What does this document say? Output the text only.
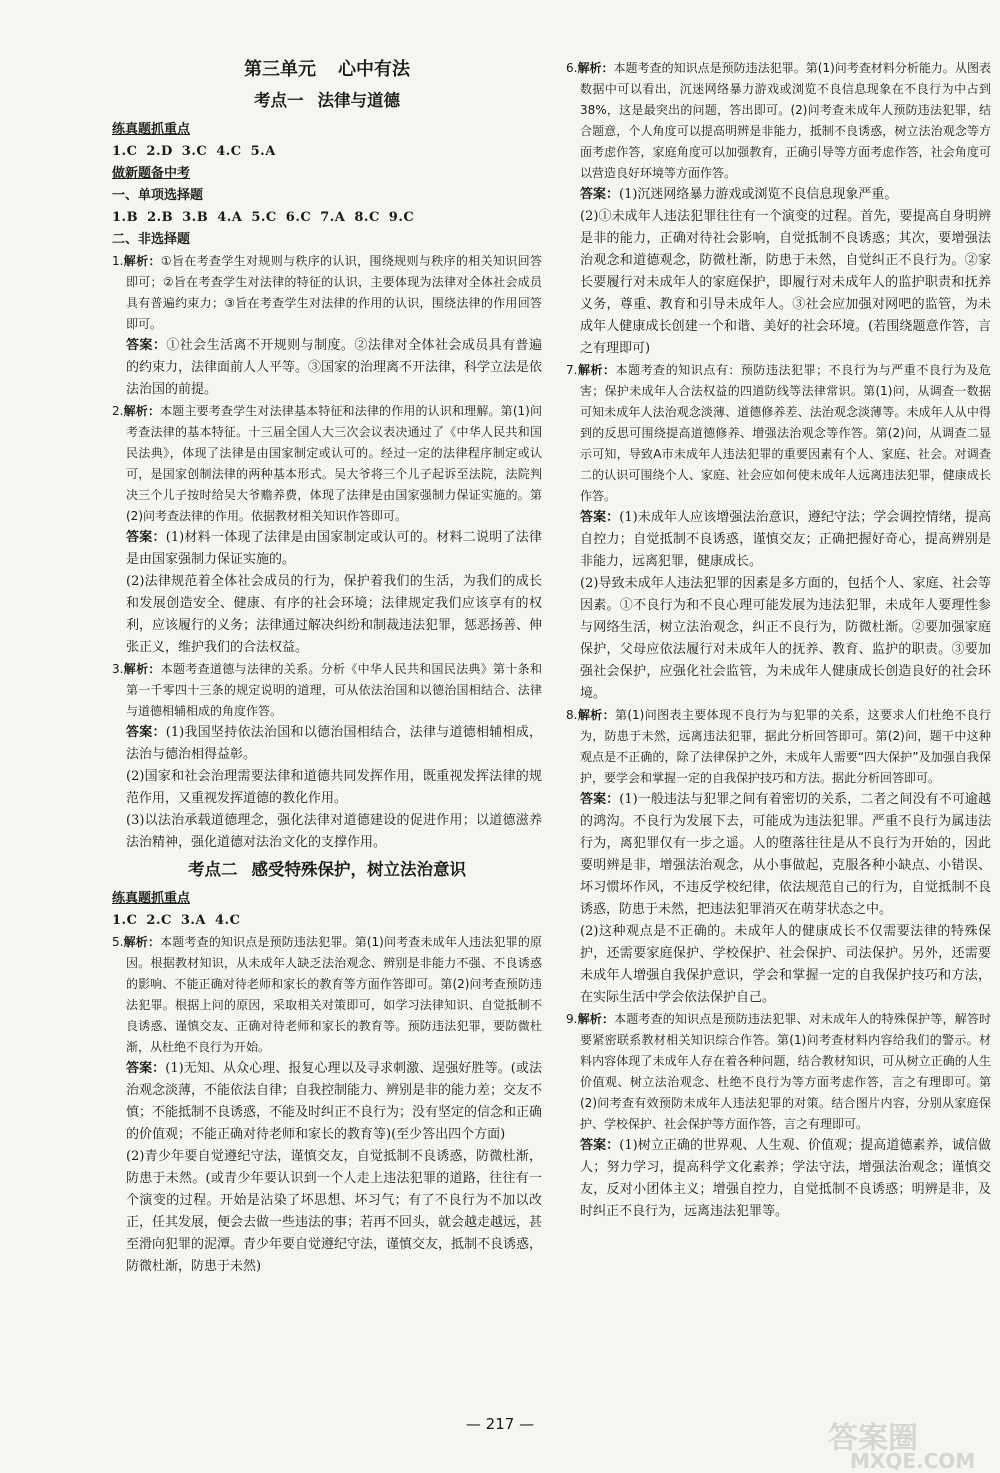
第三单元 心中有法
考点一 法律与道德
练真题抓重点
1.C 2.D 3.C 4.C 5.A
做新题备中考
一、单项选择题
1.B 2.B 3.B 4.A 5.C 6.C 7.A 8.C 9.C
二、非选择题

1.解析：①旨在考查学生对规则与秩序的认识，围绕规则与秩序的相关知识回答即可；②旨在考查学生对法律的特征的认识，主要体现为法律对全体社会成员具有普遍约束力；③旨在考查学生对法律的作用的认识，围绕法律的作用回答即可。

答案：①社会生活离不开规则与制度。②法律对全体社会成员具有普遍的约束力，法律面前人人平等。③国家的治理离不开法律，科学立法是依法治国的前提。

2.解析：本题主要考查学生对法律基本特征和法律的作用的认识和理解。第(1)问考查法律的基本特征。十三届全国人大三次会议表决通过了《中华人民共和国民法典》，体现了法律是由国家制定或认可的。经过一定的法律程序制定或认可，是国家创制法律的两种基本形式。吴大爷将三个儿子起诉至法院，法院判决三个儿子按时给吴大爷赡养费，体现了法律是由国家强制力保证实施的。第(2)问考查法律的作用。依据教材相关知识作答即可。

答案：(1)材料一体现了法律是由国家制定或认可的。材料二说明了法律是由国家强制力保证实施的。

(2)法律规范着全体社会成员的行为，保护着我们的生活，为我们的成长和发展创造安全、健康、有序的社会环境；法律规定我们应该享有的权利，应该履行的义务；法律通过解决纠纷和制裁违法犯罪，惩恶扬善、伸张正义，维护我们的合法权益。

3.解析：本题考查道德与法律的关系。分析《中华人民共和国民法典》第十条和第一千零四十三条的规定说明的道理，可从依法治国和以德治国相结合、法律与道德相辅相成的角度作答。

答案：(1)我国坚持依法治国和以德治国相结合，法律与道德相辅相成，法治与德治相得益彰。

(2)国家和社会治理需要法律和道德共同发挥作用，既重视发挥法律的规范作用，又重视发挥道德的教化作用。

(3)以法治承载道德理念，强化法律对道德建设的促进作用；以道德滋养法治精神，强化道德对法治文化的支撑作用。

考点二 感受特殊保护，树立法治意识
练真题抓重点
1.C 2.C 3.A 4.C

5.解析：本题考查的知识点是预防违法犯罪。第(1)问考查未成年人违法犯罪的原因。根据教材知识，从未成年人缺乏法治观念、辨别是非能力不强、不良诱惑的影响、不能正确对待老师和家长的教育等方面作答即可。第(2)问考查预防违法犯罪。根据上问的原因，采取相关对策即可，如学习法律知识、自觉抵制不良诱惑、谨慎交友、正确对待老师和家长的教育等。预防违法犯罪，要防微杜渐，从杜绝不良行为开始。

答案：(1)无知、从众心理、报复心理以及寻求刺激、逞强好胜等。(或法治观念淡薄，不能依法自律；自我控制能力、辨别是非的能力差；交友不慎；不能抵制不良诱惑，不能及时纠正不良行为；没有坚定的信念和正确的价值观；不能正确对待老师和家长的教育等)(至少答出四个方面)

(2)青少年要自觉遵纪守法，谨慎交友，自觉抵制不良诱惑，防微杜渐，防患于未然。(或青少年要认识到一个人走上违法犯罪的道路，往往有一个演变的过程。开始是沾染了坏思想、坏习气；有了不良行为不加以改正，任其发展，便会去做一些违法的事；若再不回头，就会越走越远，甚至滑向犯罪的泥潭。青少年要自觉遵纪守法，谨慎交友，抵制不良诱惑，防微杜渐，防患于未然)

6.解析：本题考查的知识点是预防违法犯罪。第(1)问考查材料分析能力。从图表数据中可以看出，沉迷网络暴力游戏或浏览不良信息现象在不良行为中占到38%，这是最突出的问题，答出即可。(2)问考查未成年人预防违法犯罪，结合题意，个人角度可以提高明辨是非能力，抵制不良诱惑，树立法治观念等方面考虑作答，家庭角度可以加强教育，正确引导等方面考虑作答，社会角度可以营造良好环境等方面作答。

答案：(1)沉迷网络暴力游戏或浏览不良信息现象严重。

(2)①未成年人违法犯罪往往有一个演变的过程。首先，要提高自身明辨是非的能力，正确对待社会影响，自觉抵制不良诱惑；其次，要增强法治观念和道德观念，防微杜渐，防患于未然，自觉纠正不良行为。②家长要履行对未成年人的家庭保护，即履行对未成年人的监护职责和抚养义务，尊重、教育和引导未成年人。③社会应加强对网吧的监管，为未成年人健康成长创建一个和谐、美好的社会环境。(若围绕题意作答，言之有理即可)

7.解析：本题考查的知识点有：预防违法犯罪；不良行为与严重不良行为及危害；保护未成年人合法权益的四道防线等法律常识。第(1)问，从调查一数据可知未成年人法治观念淡薄、道德修养差、法治观念淡薄等。未成年人从中得到的反思可围绕提高道德修养、增强法治观念等作答。第(2)问，从调查二显示可知，导致A市未成年人违法犯罪的重要因素有个人、家庭、社会。对调查二的认识可围绕个人、家庭、社会应如何使未成年人远离违法犯罪，健康成长作答。

答案：(1)未成年人应该增强法治意识，遵纪守法；学会调控情绪，提高自控力；自觉抵制不良诱惑，谨慎交友；正确把握好奇心，提高辨别是非能力，远离犯罪，健康成长。

(2)导致未成年人违法犯罪的因素是多方面的，包括个人、家庭、社会等因素。①不良行为和不良心理可能发展为违法犯罪，未成年人要理性参与网络生活，树立法治观念，纠正不良行为，防微杜渐。②要加强家庭保护，父母应依法履行对未成年人的抚养、教育、监护的职责。③要加强社会保护，应强化社会监管，为未成年人健康成长创造良好的社会环境。

8.解析：第(1)问图表主要体现不良行为与犯罪的关系，这要求人们杜绝不良行为，防患于未然，远离违法犯罪，据此分析回答即可。第(2)问，题干中这种观点是不正确的，除了法律保护之外，未成年人需要“四大保护”及加强自我保护，要学会和掌握一定的自我保护技巧和方法。据此分析回答即可。

答案：(1)一般违法与犯罪之间有着密切的关系，二者之间没有不可逾越的鸿沟。不良行为发展下去，可能成为违法犯罪。严重不良行为属违法行为，离犯罪仅有一步之遥。人的堕落往往是从不良行为开始的，因此要明辨是非，增强法治观念，从小事做起，克服各种小缺点、小错误、坏习惯坏作风，不违反学校纪律，依法规范自己的行为，自觉抵制不良诱惑，防患于未然，把违法犯罪消灭在萌芽状态之中。

(2)这种观点是不正确的。未成年人的健康成长不仅需要法律的特殊保护，还需要家庭保护、学校保护、社会保护、司法保护。另外，还需要未成年人增强自我保护意识，学会和掌握一定的自我保护技巧和方法，在实际生活中学会依法保护自己。

9.解析：本题考查的知识点是预防违法犯罪、对未成年人的特殊保护等，解答时要紧密联系教材相关知识综合作答。第(1)问考查材料内容给我们的警示。材料内容体现了未成年人存在着各种问题，结合教材知识，可从树立正确的人生价值观、树立法治观念、杜绝不良行为等方面考虑作答，言之有理即可。第(2)问考查有效预防未成年人违法犯罪的对策。结合图片内容，分别从家庭保护、学校保护、社会保护等方面作答，言之有理即可。

答案：(1)树立正确的世界观、人生观、价值观；提高道德素养，诚信做人；努力学习，提高科学文化素养；学法守法，增强法治观念；谨慎交友，反对小团体主义；增强自控力，自觉抵制不良诱惑；明辨是非，及时纠正不良行为，远离违法犯罪等。

— 217 —	答案圈
MXQE.COM
